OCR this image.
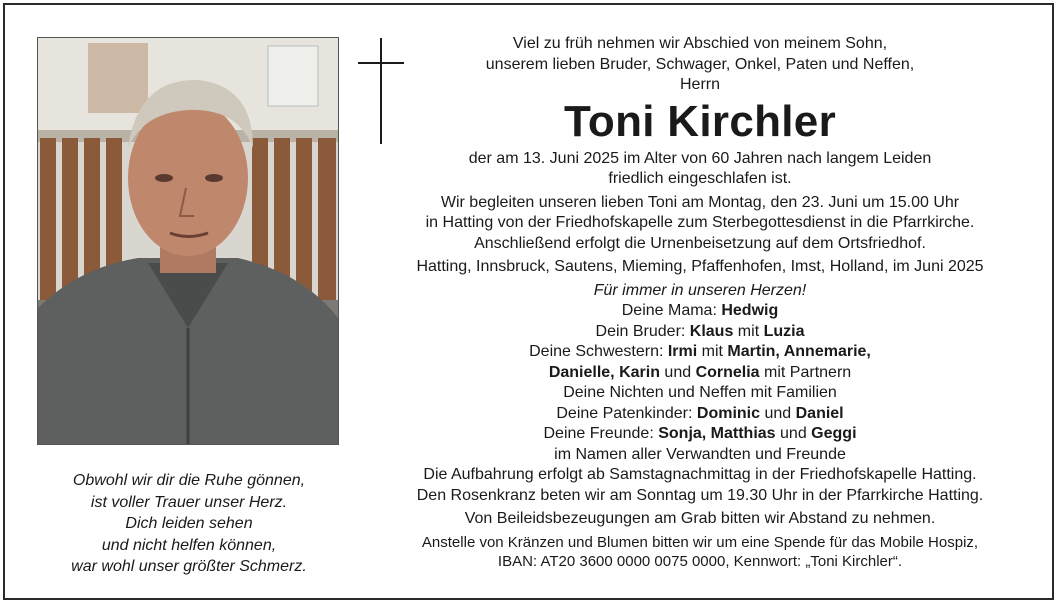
Obwohl wir dir die Ruhe gönnen,
ist voller Trauer unser Herz.
Dich leiden sehen
und nicht helfen können,
war wohl unser größter Schmerz.
Viel zu früh nehmen wir Abschied von meinem Sohn,
unserem lieben Bruder, Schwager, Onkel, Paten und Neffen,
Herrn
Toni Kirchler
der am 13. Juni 2025 im Alter von 60 Jahren nach langem Leiden
friedlich eingeschlafen ist.
Wir begleiten unseren lieben Toni am Montag, den 23. Juni um 15.00 Uhr
in Hatting von der Friedhofskapelle zum Sterbegottesdienst in die Pfarrkirche.
Anschließend erfolgt die Urnenbeisetzung auf dem Ortsfriedhof.
Hatting, Innsbruck, Sautens, Mieming, Pfaffenhofen, Imst, Holland, im Juni 2025
Für immer in unseren Herzen!
Deine Mama: Hedwig
Dein Bruder: Klaus mit Luzia
Deine Schwestern: Irmi mit Martin, Annemarie,
Danielle, Karin und Cornelia mit Partnern
Deine Nichten und Neffen mit Familien
Deine Patenkinder: Dominic und Daniel
Deine Freunde: Sonja, Matthias und Geggi
im Namen aller Verwandten und Freunde
Die Aufbahrung erfolgt ab Samstagnachmittag in der Friedhofskapelle Hatting.
Den Rosenkranz beten wir am Sonntag um 19.30 Uhr in der Pfarrkirche Hatting.
Von Beileidsbezeugungen am Grab bitten wir Abstand zu nehmen.
Anstelle von Kränzen und Blumen bitten wir um eine Spende für das Mobile Hospiz,
IBAN: AT20 3600 0000 0075 0000, Kennwort: „Toni Kirchler“.
